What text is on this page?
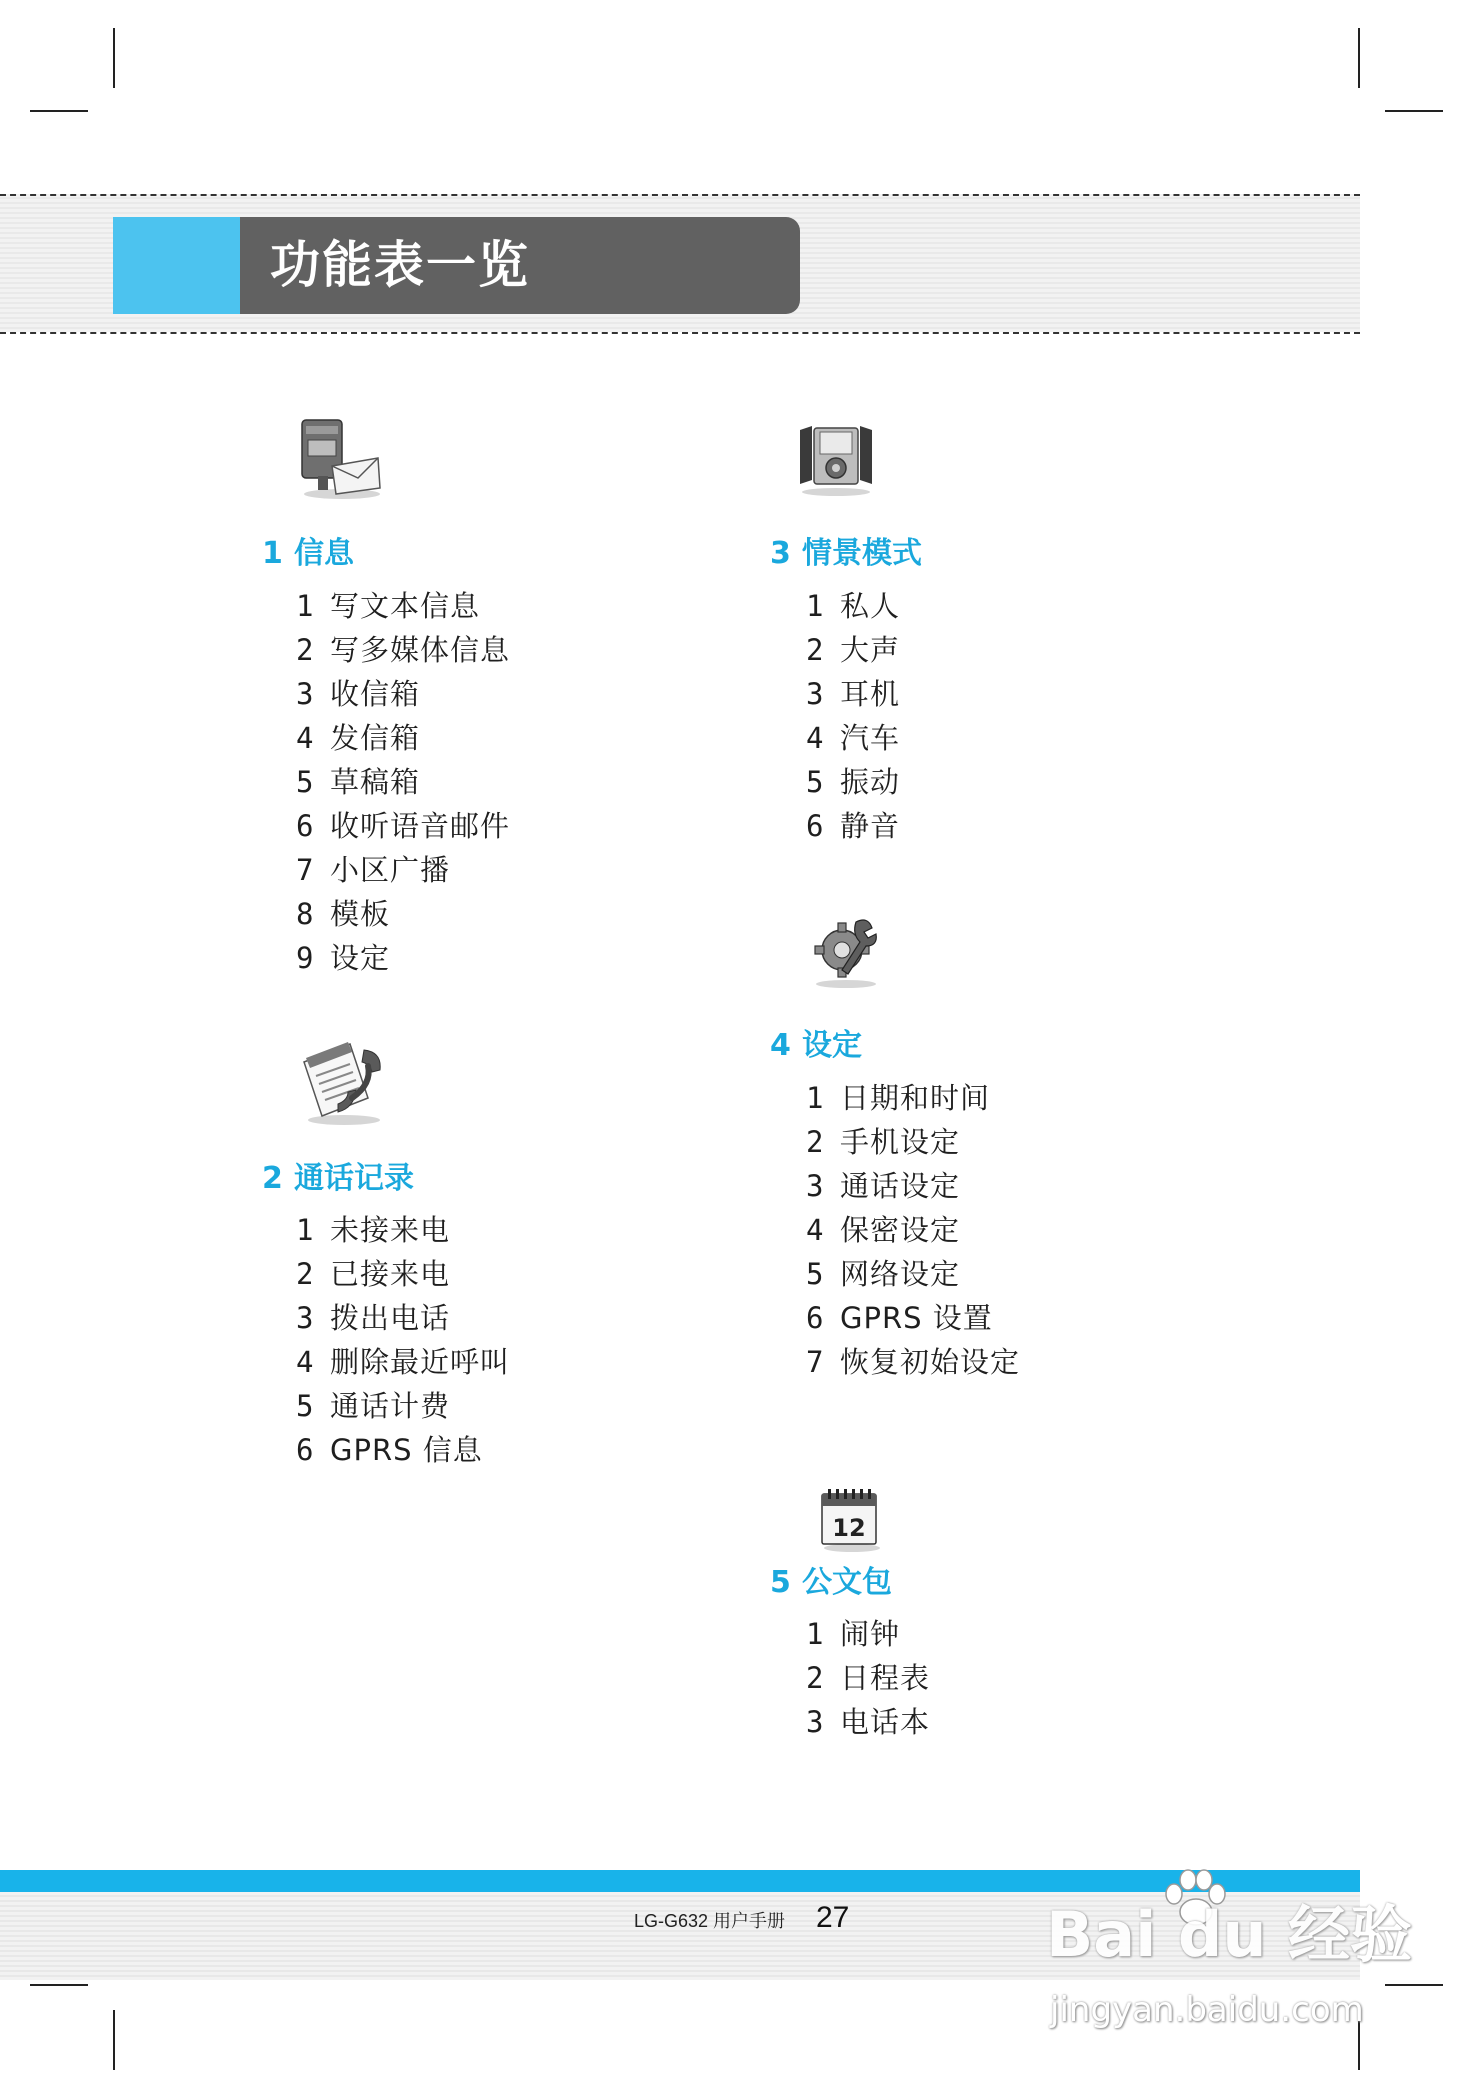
功能表一览
1 信息
1 写文本信息
2 写多媒体信息
3 收信箱
4 发信箱
5 草稿箱
6 收听语音邮件
7 小区广播
8 模板
9 设定
2 通话记录
1 未接来电
2 已接来电
3 拨出电话
4 删除最近呼叫
5 通话计费
6 GPRS 信息
3 情景模式
1 私人
2 大声
3 耳机
4 汽车
5 振动
6 静音
4 设定
1 日期和时间
2 手机设定
3 通话设定
4 保密设定
5 网络设定
6 GPRS 设置
7 恢复初始设定
12
5 公文包
1 闹钟
2 日程表
3 电话本
LG-G632 用户手册 27	Bai du 经验
jingyan.baidu.com
